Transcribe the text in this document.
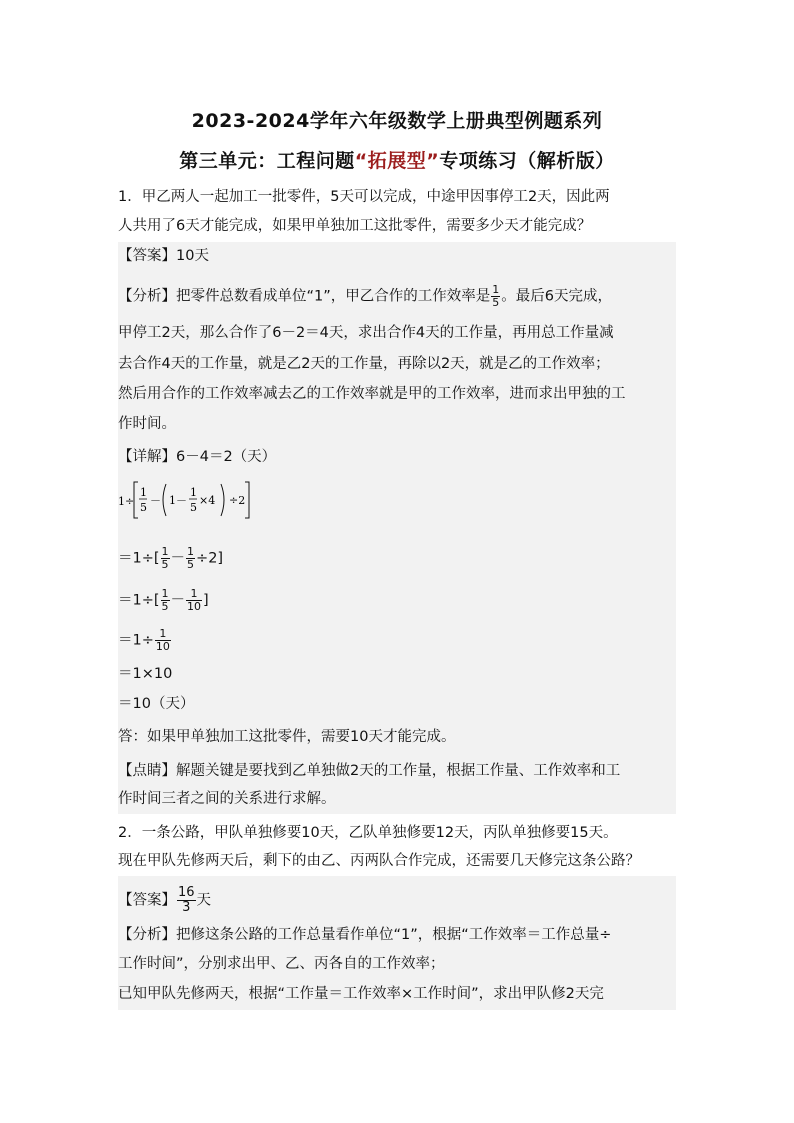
2023-2024学年六年级数学上册典型例题系列
第三单元：工程问题“拓展型”专项练习（解析版）
1．甲乙两人一起加工一批零件，5天可以完成，中途甲因事停工2天，因此两
人共用了6天才能完成，如果甲单独加工这批零件，需要多少天才能完成？
【答案】10天
【分析】把零件总数看成单位“1”，甲乙合作的工作效率是 $\frac{1}{5}$ 。最后6天完成，
甲停工2天，那么合作了6－2＝4天，求出合作4天的工作量，再用总工作量减
去合作4天的工作量，就是乙2天的工作量，再除以2天，就是乙的工作效率；
然后用合作的工作效率减去乙的工作效率就是甲的工作效率，进而求出甲独的工
作时间。
【详解】6－4＝2（天）
1÷
1
5
－ 1 －
1
5
×4 ÷2
$=1\div[ \frac{1}{5} - \frac{1}{5} \div 2]$
$=1\div[ \frac{1}{5} - \frac{1}{10}$ ]
$=1\div \frac{1}{10}$
＝1×10
＝10（天）
答：如果甲单独加工这批零件，需要10天才能完成。
【点睛】解题关键是要找到乙单独做2天的工作量，根据工作量、工作效率和工
作时间三者之间的关系进行求解。
2．一条公路，甲队单独修要10天，乙队单独修要12天，丙队单独修要15天。
现在甲队先修两天后，剩下的由乙、丙两队合作完成，还需要几天修完这条公路？
【答案】 $\frac{16}{3}$ 天
【分析】把修这条公路的工作总量看作单位“1”，根据“工作效率＝工作总量÷
工作时间”，分别求出甲、乙、丙各自的工作效率；
已知甲队先修两天，根据“工作量＝工作效率×工作时间”，求出甲队修2天完
